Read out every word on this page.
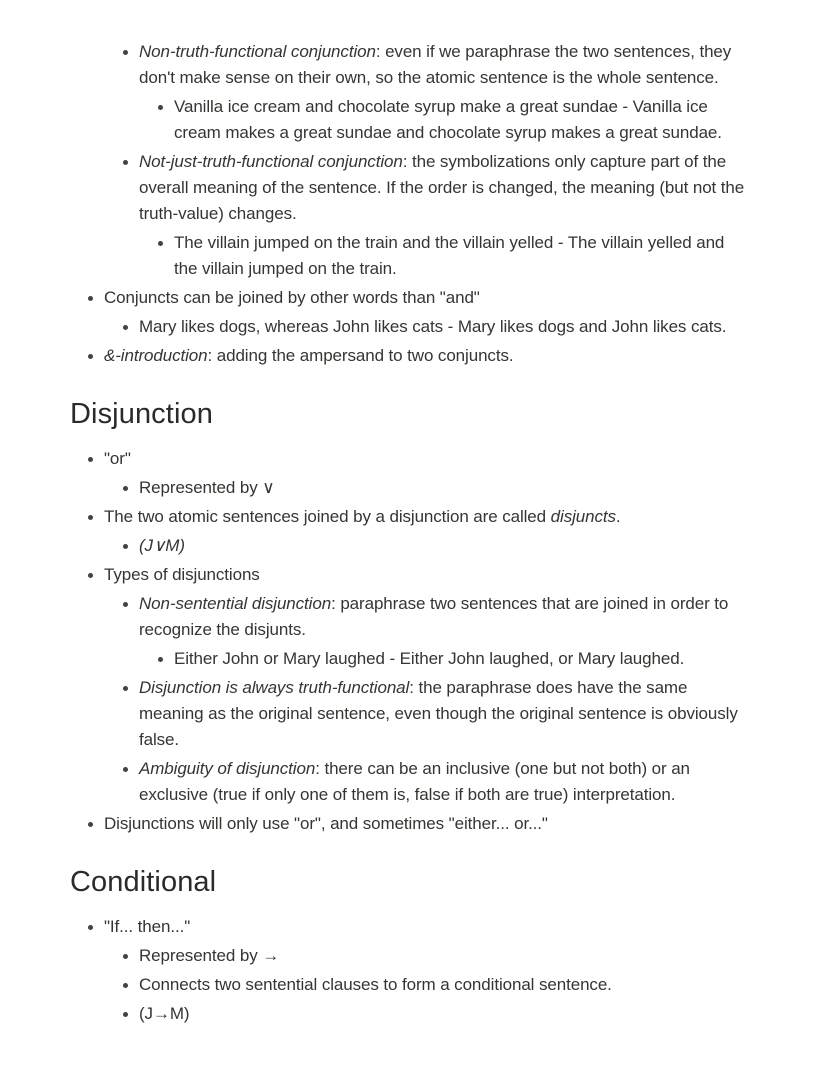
Non-truth-functional conjunction: even if we paraphrase the two sentences, they don't make sense on their own, so the atomic sentence is the whole sentence.
Vanilla ice cream and chocolate syrup make a great sundae - Vanilla ice cream makes a great sundae and chocolate syrup makes a great sundae.
Not-just-truth-functional conjunction: the symbolizations only capture part of the overall meaning of the sentence. If the order is changed, the meaning (but not the truth-value) changes.
The villain jumped on the train and the villain yelled - The villain yelled and the villain jumped on the train.
Conjuncts can be joined by other words than "and"
Mary likes dogs, whereas John likes cats - Mary likes dogs and John likes cats.
&-introduction: adding the ampersand to two conjuncts.
Disjunction
"or"
Represented by ∨
The two atomic sentences joined by a disjunction are called disjuncts.
(J∨M)
Types of disjunctions
Non-sentential disjunction: paraphrase two sentences that are joined in order to recognize the disjunts.
Either John or Mary laughed - Either John laughed, or Mary laughed.
Disjunction is always truth-functional: the paraphrase does have the same meaning as the original sentence, even though the original sentence is obviously false.
Ambiguity of disjunction: there can be an inclusive (one but not both) or an exclusive (true if only one of them is, false if both are true) interpretation.
Disjunctions will only use "or", and sometimes "either... or..."
Conditional
"If... then..."
Represented by →
Connects two sentential clauses to form a conditional sentence.
(J→M)
